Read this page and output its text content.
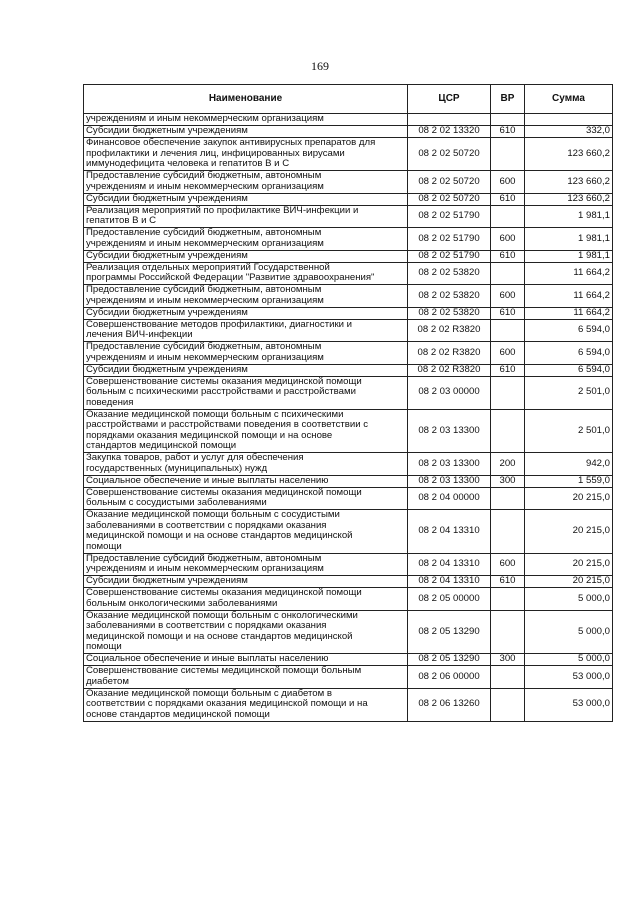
169
Наименование	ЦСР	ВР	Сумма
учреждениям и иным некоммерческим организациям			
Субсидии бюджетным учреждениям	08 2 02 13320	610	332,0
Финансовое обеспечение закупок антивирусных препаратов для
профилактики и лечения лиц, инфицированных вирусами
иммунодефицита человека и гепатитов В и С	08 2 02 50720		123 660,2
Предоставление субсидий бюджетным, автономным
учреждениям и иным некоммерческим организациям	08 2 02 50720	600	123 660,2
Субсидии бюджетным учреждениям	08 2 02 50720	610	123 660,2
Реализация мероприятий по профилактике ВИЧ-инфекции и
гепатитов В и С	08 2 02 51790		1 981,1
Предоставление субсидий бюджетным, автономным
учреждениям и иным некоммерческим организациям	08 2 02 51790	600	1 981,1
Субсидии бюджетным учреждениям	08 2 02 51790	610	1 981,1
Реализация отдельных мероприятий Государственной
программы Российской Федерации "Развитие здравоохранения"	08 2 02 53820		11 664,2
Предоставление субсидий бюджетным, автономным
учреждениям и иным некоммерческим организациям	08 2 02 53820	600	11 664,2
Субсидии бюджетным учреждениям	08 2 02 53820	610	11 664,2
Совершенствование методов профилактики, диагностики и
лечения ВИЧ-инфекции	08 2 02 R3820		6 594,0
Предоставление субсидий бюджетным, автономным
учреждениям и иным некоммерческим организациям	08 2 02 R3820	600	6 594,0
Субсидии бюджетным учреждениям	08 2 02 R3820	610	6 594,0
Совершенствование системы оказания медицинской помощи
больным с психическими расстройствами и расстройствами
поведения	08 2 03 00000		2 501,0
Оказание медицинской помощи больным с психическими
расстройствами и расстройствами поведения в соответствии с
порядками оказания медицинской помощи и на основе
стандартов медицинской помощи	08 2 03 13300		2 501,0
Закупка товаров, работ и услуг для обеспечения
государственных (муниципальных) нужд	08 2 03 13300	200	942,0
Социальное обеспечение и иные выплаты населению	08 2 03 13300	300	1 559,0
Совершенствование системы оказания медицинской помощи
больным с сосудистыми заболеваниями	08 2 04 00000		20 215,0
Оказание медицинской помощи больным с сосудистыми
заболеваниями в соответствии с порядками оказания
медицинской помощи и на основе стандартов медицинской
помощи	08 2 04 13310		20 215,0
Предоставление субсидий бюджетным, автономным
учреждениям и иным некоммерческим организациям	08 2 04 13310	600	20 215,0
Субсидии бюджетным учреждениям	08 2 04 13310	610	20 215,0
Совершенствование системы оказания медицинской помощи
больным онкологическими заболеваниями	08 2 05 00000		5 000,0
Оказание медицинской помощи больным с онкологическими
заболеваниями в соответствии с порядками оказания
медицинской помощи и на основе стандартов медицинской
помощи	08 2 05 13290		5 000,0
Социальное обеспечение и иные выплаты населению	08 2 05 13290	300	5 000,0
Совершенствование системы медицинской помощи больным
диабетом	08 2 06 00000		53 000,0
Оказание медицинской помощи больным с диабетом в
соответствии с порядками оказания медицинской помощи и на
основе стандартов медицинской помощи	08 2 06 13260		53 000,0
